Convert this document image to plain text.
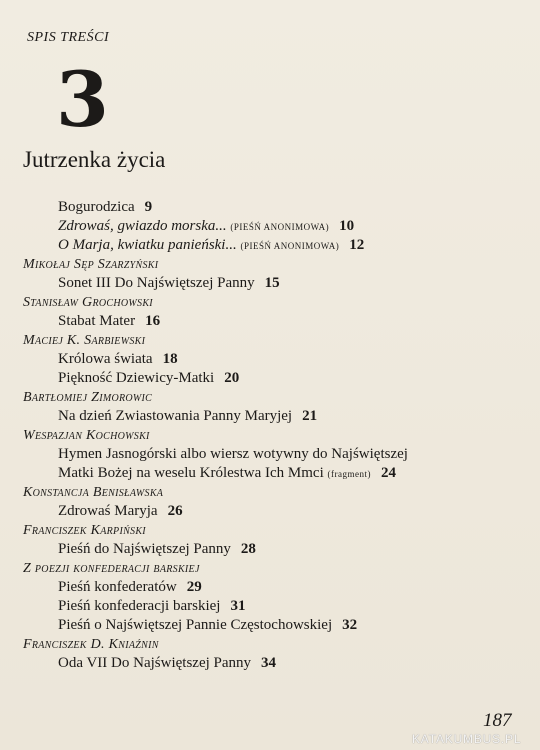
SPIS TREŚCI
3
Jutrzenka życia
Bogurodzica 9
Zdrowaś, gwiazdo morska... (PIEŚŃ ANONIMOWA) 10
O Marja, kwiatku panieński... (PIEŚŃ ANONIMOWA) 12
Mikołaj Sęp Szarzyński
Sonet III Do Najświętszej Panny 15
Stanisław Grochowski
Stabat Mater 16
Maciej K. Sarbiewski
Królowa świata 18
Piękność Dziewicy-Matki 20
Bartłomiej Zimorowic
Na dzień Zwiastowania Panny Maryjej 21
Wespazjan Kochowski
Hymen Jasnogórski albo wiersz wotywny do Najświętszej
Matki Bożej na weselu Królestwa Ich Mmci (fragment) 24
Konstancja Benisławska
Zdrowaś Maryja 26
Franciszek Karpiński
Pieśń do Najświętszej Panny 28
Z poezji konfederacji barskiej
Pieśń konfederatów 29
Pieśń konfederacji barskiej 31
Pieśń o Najświętszej Pannie Częstochowskiej 32
Franciszek D. Kniaźnin
Oda VII Do Najświętszej Panny 34
187
KATAKUMBUS.PL
